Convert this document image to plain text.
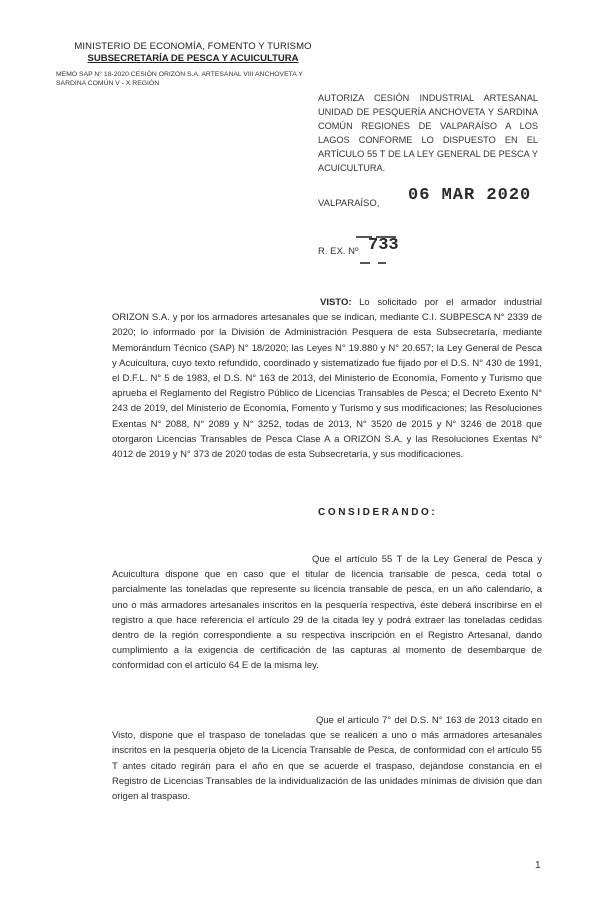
MINISTERIO DE ECONOMÍA, FOMENTO Y TURISMO
SUBSECRETARÍA DE PESCA Y ACUICULTURA
MEMO SAP N° 18-2020 CESIÓN ORIZON S.A. ARTESANAL VIII ANCHOVETA Y SARDINA COMÚN V - X REGIÓN
AUTORIZA CESIÓN INDUSTRIAL ARTESANAL UNIDAD DE PESQUERÍA ANCHOVETA Y SARDINA COMÚN REGIONES DE VALPARAÍSO A LOS LAGOS CONFORME LO DISPUESTO EN EL ARTÍCULO 55 T DE LA LEY GENERAL DE PESCA Y ACUICULTURA.
VALPARAÍSO, 06 MAR 2020
R. EX. Nº 733
VISTO: Lo solicitado por el armador industrial ORIZON S.A. y por los armadores artesanales que se indican, mediante C.I. SUBPESCA N° 2339 de 2020; lo informado por la División de Administración Pesquera de esta Subsecretaría, mediante Memorándum Técnico (SAP) N° 18/2020; las Leyes N° 19.880 y N° 20.657; la Ley General de Pesca y Acuicultura, cuyo texto refundido, coordinado y sistematizado fue fijado por el D.S. N° 430 de 1991, el D.F.L. N° 5 de 1983, el D.S. N° 163 de 2013, del Ministerio de Economía, Fomento y Turismo que aprueba el Reglamento del Registro Público de Licencias Transables de Pesca; el Decreto Exento N° 243 de 2019, del Ministerio de Economía, Fomento y Turismo y sus modificaciones; las Resoluciones Exentas N° 2088, N° 2089 y N° 3252, todas de 2013, N° 3520 de 2015 y N° 3246 de 2018 que otorgaron Licencias Transables de Pesca Clase A a ORIZON S.A. y las Resoluciones Exentas N° 4012 de 2019 y N° 373 de 2020 todas de esta Subsecretaría, y sus modificaciones.
CONSIDERANDO:
Que el artículo 55 T de la Ley General de Pesca y Acuicultura dispone que en caso que el titular de licencia transable de pesca, ceda total o parcialmente las toneladas que represente su licencia transable de pesca, en un año calendario, a uno o más armadores artesanales inscritos en la pesquería respectiva, éste deberá inscribirse en el registro a que hace referencia el artículo 29 de la citada ley y podrá extraer las toneladas cedidas dentro de la región correspondiente a su respectiva inscripción en el Registro Artesanal, dando cumplimiento a la exigencia de certificación de las capturas al momento de desembarque de conformidad con el artículo 64 E de la misma ley.
Que el artículo 7° del D.S. N° 163 de 2013 citado en Visto, dispone que el traspaso de toneladas que se realicen a uno o más armadores artesanales inscritos en la pesquería objeto de la Licencia Transable de Pesca, de conformidad con el artículo 55 T antes citado regirán para el año en que se acuerde el traspaso, dejándose constancia en el Registro de Licencias Transables de la individualización de las unidades mínimas de división que dan origen al traspaso.
1
